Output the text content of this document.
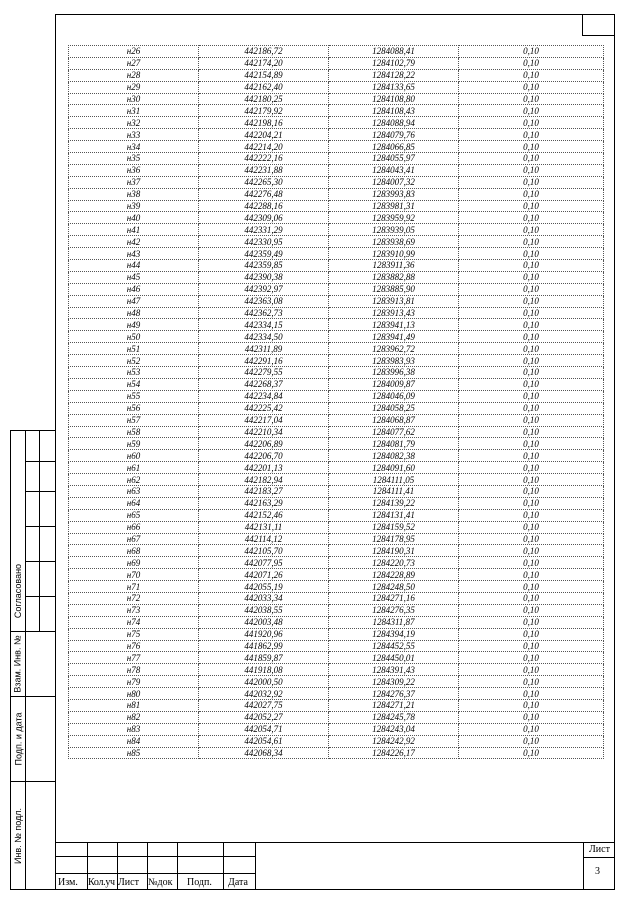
н26	442186,72	1284088,41	0,10
н27	442174,20	1284102,79	0,10
н28	442154,89	1284128,22	0,10
н29	442162,40	1284133,65	0,10
н30	442180,25	1284108,80	0,10
н31	442179,92	1284108,43	0,10
н32	442198,16	1284088,94	0,10
н33	442204,21	1284079,76	0,10
н34	442214,20	1284066,85	0,10
н35	442222,16	1284055,97	0,10
н36	442231,88	1284043,41	0,10
н37	442265,30	1284007,32	0,10
н38	442276,48	1283993,83	0,10
н39	442288,16	1283981,31	0,10
н40	442309,06	1283959,92	0,10
н41	442331,29	1283939,05	0,10
н42	442330,95	1283938,69	0,10
н43	442359,49	1283910,99	0,10
н44	442359,85	1283911,36	0,10
н45	442390,38	1283882,88	0,10
н46	442392,97	1283885,90	0,10
н47	442363,08	1283913,81	0,10
н48	442362,73	1283913,43	0,10
н49	442334,15	1283941,13	0,10
н50	442334,50	1283941,49	0,10
н51	442311,89	1283962,72	0,10
н52	442291,16	1283983,93	0,10
н53	442279,55	1283996,38	0,10
н54	442268,37	1284009,87	0,10
н55	442234,84	1284046,09	0,10
н56	442225,42	1284058,25	0,10
н57	442217,04	1284068,87	0,10
н58	442210,34	1284077,62	0,10
н59	442206,89	1284081,79	0,10
н60	442206,70	1284082,38	0,10
н61	442201,13	1284091,60	0,10
н62	442182,94	1284111,05	0,10
н63	442183,27	1284111,41	0,10
н64	442163,29	1284139,22	0,10
н65	442152,46	1284131,41	0,10
н66	442131,11	1284159,52	0,10
н67	442114,12	1284178,95	0,10
н68	442105,70	1284190,31	0,10
н69	442077,95	1284220,73	0,10
н70	442071,26	1284228,89	0,10
н71	442055,19	1284248,50	0,10
н72	442033,34	1284271,16	0,10
н73	442038,55	1284276,35	0,10
н74	442003,48	1284311,87	0,10
н75	441920,96	1284394,19	0,10
н76	441862,99	1284452,55	0,10
н77	441859,87	1284450,01	0,10
н78	441918,08	1284391,43	0,10
н79	442000,50	1284309,22	0,10
н80	442032,92	1284276,37	0,10
н81	442027,75	1284271,21	0,10
н82	442052,27	1284245,78	0,10
н83	442054,71	1284243,04	0,10
н84	442054,61	1284242,92	0,10
н85	442068,34	1284226,17	0,10
Согласовано
Взам. Инв. №
Подп. и дата
Инв. № подл.
Изм. Кол.уч Лист №док Подп. Дата
Лист
3
